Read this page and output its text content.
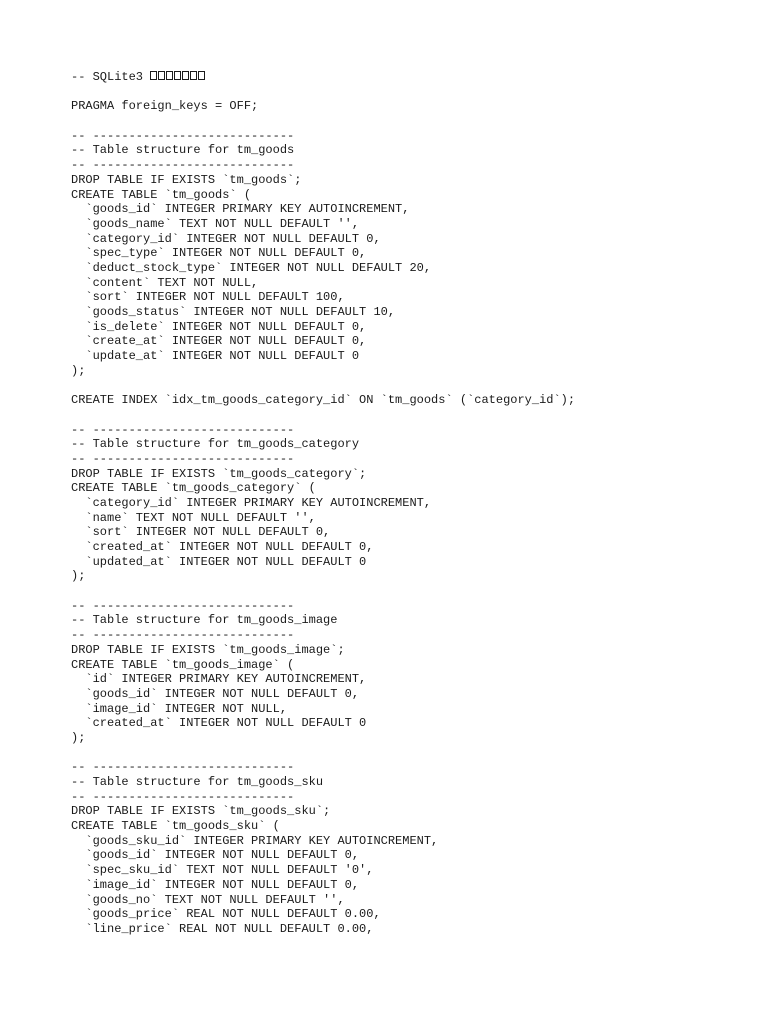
-- SQLite3
PRAGMA foreign_keys = OFF;
-- ----------------------------
-- Table structure for tm_goods
-- ----------------------------
DROP TABLE IF EXISTS `tm_goods`;
CREATE TABLE `tm_goods` (
`goods_id` INTEGER PRIMARY KEY AUTOINCREMENT,
`goods_name` TEXT NOT NULL DEFAULT '',
`category_id` INTEGER NOT NULL DEFAULT 0,
`spec_type` INTEGER NOT NULL DEFAULT 0,
`deduct_stock_type` INTEGER NOT NULL DEFAULT 20,
`content` TEXT NOT NULL,
`sort` INTEGER NOT NULL DEFAULT 100,
`goods_status` INTEGER NOT NULL DEFAULT 10,
`is_delete` INTEGER NOT NULL DEFAULT 0,
`create_at` INTEGER NOT NULL DEFAULT 0,
`update_at` INTEGER NOT NULL DEFAULT 0
);
CREATE INDEX `idx_tm_goods_category_id` ON `tm_goods` (`category_id`);
-- ----------------------------
-- Table structure for tm_goods_category
-- ----------------------------
DROP TABLE IF EXISTS `tm_goods_category`;
CREATE TABLE `tm_goods_category` (
`category_id` INTEGER PRIMARY KEY AUTOINCREMENT,
`name` TEXT NOT NULL DEFAULT '',
`sort` INTEGER NOT NULL DEFAULT 0,
`created_at` INTEGER NOT NULL DEFAULT 0,
`updated_at` INTEGER NOT NULL DEFAULT 0
);
-- ----------------------------
-- Table structure for tm_goods_image
-- ----------------------------
DROP TABLE IF EXISTS `tm_goods_image`;
CREATE TABLE `tm_goods_image` (
`id` INTEGER PRIMARY KEY AUTOINCREMENT,
`goods_id` INTEGER NOT NULL DEFAULT 0,
`image_id` INTEGER NOT NULL,
`created_at` INTEGER NOT NULL DEFAULT 0
);
-- ----------------------------
-- Table structure for tm_goods_sku
-- ----------------------------
DROP TABLE IF EXISTS `tm_goods_sku`;
CREATE TABLE `tm_goods_sku` (
`goods_sku_id` INTEGER PRIMARY KEY AUTOINCREMENT,
`goods_id` INTEGER NOT NULL DEFAULT 0,
`spec_sku_id` TEXT NOT NULL DEFAULT '0',
`image_id` INTEGER NOT NULL DEFAULT 0,
`goods_no` TEXT NOT NULL DEFAULT '',
`goods_price` REAL NOT NULL DEFAULT 0.00,
`line_price` REAL NOT NULL DEFAULT 0.00,
